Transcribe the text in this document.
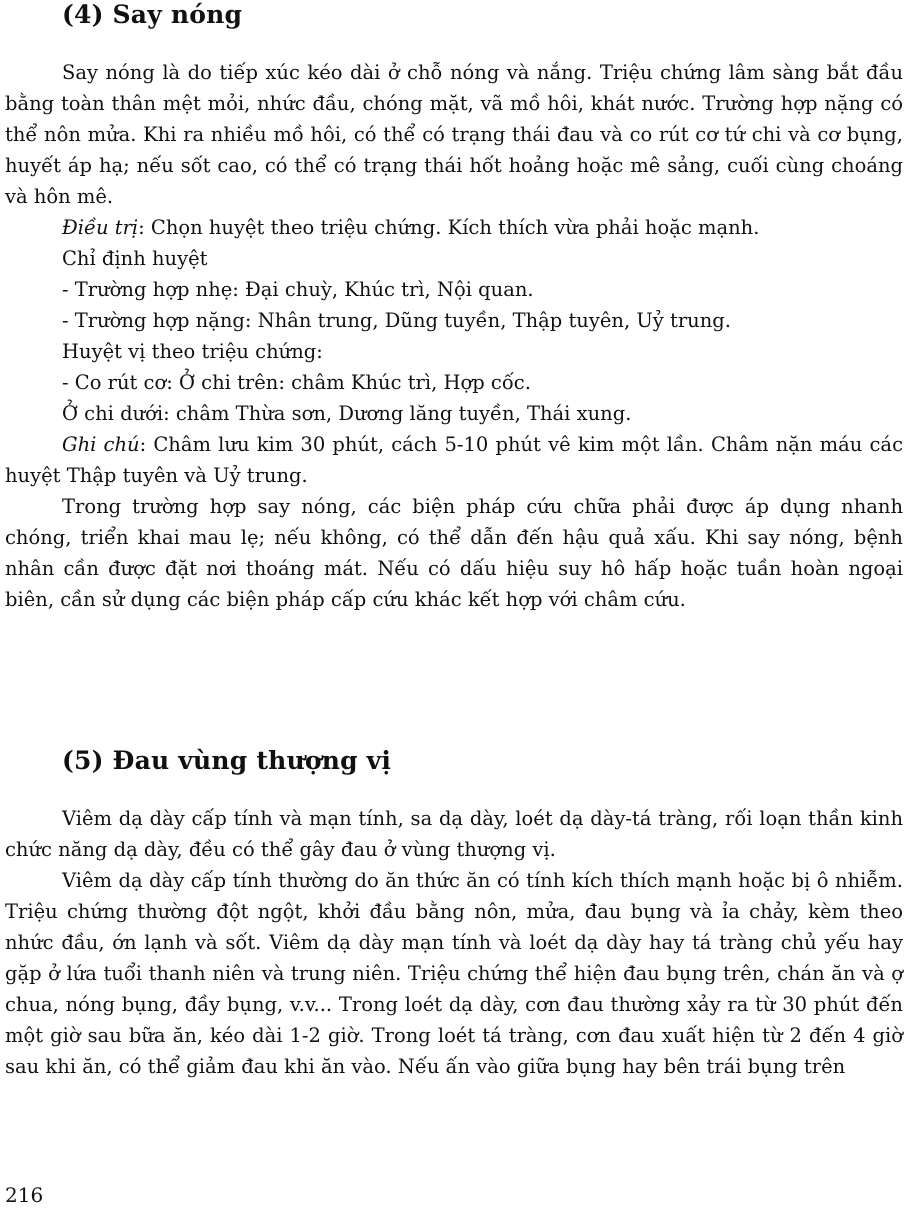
(4) Say nóng

Say nóng là do tiếp xúc kéo dài ở chỗ nóng và nắng. Triệu chứng lâm sàng bắt đầu bằng toàn thân mệt mỏi, nhức đầu, chóng mặt, vã mồ hôi, khát nước. Trường hợp nặng có thể nôn mửa. Khi ra nhiều mồ hôi, có thể có trạng thái đau và co rút cơ tứ chi và cơ bụng, huyết áp hạ; nếu sốt cao, có thể có trạng thái hốt hoảng hoặc mê sảng, cuối cùng choáng và hôn mê.

Điều trị: Chọn huyệt theo triệu chứng. Kích thích vừa phải hoặc mạnh.

Chỉ định huyệt

- Trường hợp nhẹ: Đại chuỳ, Khúc trì, Nội quan.

- Trường hợp nặng: Nhân trung, Dũng tuyền, Thập tuyên, Uỷ trung.

Huyệt vị theo triệu chứng:

- Co rút cơ: Ở chi trên: châm Khúc trì, Hợp cốc.

Ở chi dưới: châm Thừa sơn, Dương lăng tuyền, Thái xung.

Ghi chú: Châm lưu kim 30 phút, cách 5-10 phút vê kim một lần. Châm nặn máu các huyệt Thập tuyên và Uỷ trung.

Trong trường hợp say nóng, các biện pháp cứu chữa phải được áp dụng nhanh chóng, triển khai mau lẹ; nếu không, có thể dẫn đến hậu quả xấu. Khi say nóng, bệnh nhân cần được đặt nơi thoáng mát. Nếu có dấu hiệu suy hô hấp hoặc tuần hoàn ngoại biên, cần sử dụng các biện pháp cấp cứu khác kết hợp với châm cứu.

(5) Đau vùng thượng vị

Viêm dạ dày cấp tính và mạn tính, sa dạ dày, loét dạ dày-tá tràng, rối loạn thần kinh chức năng dạ dày, đều có thể gây đau ở vùng thượng vị.

Viêm dạ dày cấp tính thường do ăn thức ăn có tính kích thích mạnh hoặc bị ô nhiễm. Triệu chứng thường đột ngột, khởi đầu bằng nôn, mửa, đau bụng và ỉa chảy, kèm theo nhức đầu, ớn lạnh và sốt. Viêm dạ dày mạn tính và loét dạ dày hay tá tràng chủ yếu hay gặp ở lứa tuổi thanh niên và trung niên. Triệu chứng thể hiện đau bụng trên, chán ăn và ợ chua, nóng bụng, đầy bụng, v.v... Trong loét dạ dày, cơn đau thường xảy ra từ 30 phút đến một giờ sau bữa ăn, kéo dài 1-2 giờ. Trong loét tá tràng, cơn đau xuất hiện từ 2 đến 4 giờ sau khi ăn, có thể giảm đau khi ăn vào. Nếu ấn vào giữa bụng hay bên trái bụng trên

216
